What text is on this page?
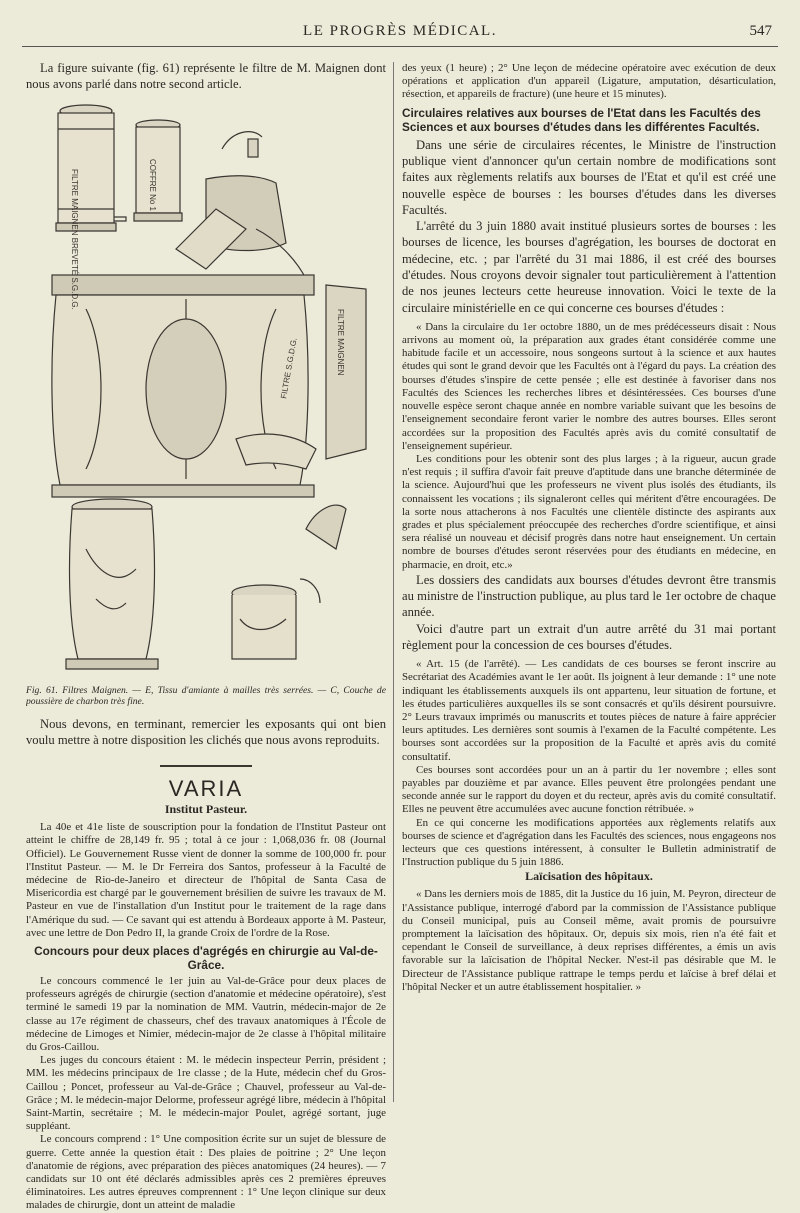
LE PROGRÈS MÉDICAL.	547

La figure suivante (fig. 61) représente le filtre de M. Maignen dont nous avons parlé dans notre second article.

FILTRE MAIGNEN BREVETÉ S.G.D.G.	COFFRE No 1
FILTRE MAIGNEN
FILTRE S.G.D.G.

Fig. 61. Filtres Maignen. — E, Tissu d'amiante à mailles très serrées. — C, Couche de poussière de charbon très fine.

Nous devons, en terminant, remercier les exposants qui ont bien voulu mettre à notre disposition les clichés que nous avons reproduits.

VARIA
Institut Pasteur.

La 40e et 41e liste de souscription pour la fondation de l'Institut Pasteur ont atteint le chiffre de 28,149 fr. 95 ; total à ce jour : 1,068,036 fr. 08 (Journal Officiel). Le Gouvernement Russe vient de donner la somme de 100,000 fr. pour l'Institut Pasteur. — M. le Dr Ferreira dos Santos, professeur à la Faculté de médecine de Rio-de-Janeiro et directeur de l'hôpital de Santa Casa de Misericordia est chargé par le gouvernement brésilien de suivre les travaux de M. Pasteur en vue de l'installation d'un Institut pour le traitement de la rage dans l'Amérique du sud. — Ce savant qui est attendu à Bordeaux apporte à M. Pasteur, avec une lettre de Don Pedro II, la grande Croix de l'ordre de la Rose.

Concours pour deux places d'agrégés en chirurgie au Val-de-Grâce.

Le concours commencé le 1er juin au Val-de-Grâce pour deux places de professeurs agrégés de chirurgie (section d'anatomie et médecine opératoire), s'est terminé le samedi 19 par la nomination de MM. Vautrin, médecin-major de 2e classe au 17e régiment de chasseurs, chef des travaux anatomiques à l'École de médecine de Limoges et Nimier, médecin-major de 2e classe à l'hôpital militaire du Gros-Caillou.

Les juges du concours étaient : M. le médecin inspecteur Perrin, président ; MM. les médecins principaux de 1re classe ; de la Hute, médecin chef du Gros-Caillou ; Poncet, professeur au Val-de-Grâce ; Chauvel, professeur au Val-de-Grâce ; M. le médecin-major Delorme, professeur agrégé libre, médecin à l'hôpital Saint-Martin, secrétaire ; M. le médecin-major Poulet, agrégé sortant, juge suppléant.

Le concours comprend : 1° Une composition écrite sur un sujet de blessure de guerre. Cette année la question était : Des plaies de poitrine ; 2° Une leçon d'anatomie de régions, avec préparation des pièces anatomiques (24 heures). — 7 candidats sur 10 ont été déclarés admissibles après ces 2 premières épreuves éliminatoires. Les autres épreuves comprennent : 1° Une leçon clinique sur deux malades de chirurgie, dont un atteint de maladie

des yeux (1 heure) ; 2° Une leçon de médecine opératoire avec exécution de deux opérations et application d'un appareil (Ligature, amputation, désarticulation, résection, et appareils de fracture) (une heure et 15 minutes).

Circulaires relatives aux bourses de l'Etat dans les Facultés des Sciences et aux bourses d'études dans les différentes Facultés.

Dans une série de circulaires récentes, le Ministre de l'instruction publique vient d'annoncer qu'un certain nombre de modifications sont faites aux règlements relatifs aux bourses de l'Etat et qu'il est créé une nouvelle espèce de bourses : les bourses d'études dans les diverses Facultés.

L'arrêté du 3 juin 1880 avait institué plusieurs sortes de bourses : les bourses de licence, les bourses d'agrégation, les bourses de doctorat en médecine, etc. ; par l'arrêté du 31 mai 1886, il est créé des bourses d'études. Nous croyons devoir signaler tout particulièrement à l'attention de nos jeunes lecteurs cette heureuse innovation. Voici le texte de la circulaire ministérielle en ce qui concerne ces bourses d'études :

« Dans la circulaire du 1er octobre 1880, un de mes prédécesseurs disait : Nous arrivons au moment où, la préparation aux grades étant considérée comme une habitude facile et un accessoire, nous songeons surtout à la science et aux hautes études qui sont le grand devoir que les Facultés ont à l'égard du pays. La création des bourses d'études s'inspire de cette pensée ; elle est destinée à favoriser dans nos Facultés des Sciences les recherches libres et désintéressées. Ces bourses d'une nouvelle espèce seront chaque année en nombre variable suivant que les besoins de l'enseignement secondaire feront varier le nombre des autres bourses. Elles seront accordées sur la proposition des Facultés après avis du comité consultatif de l'enseignement supérieur.

Les conditions pour les obtenir sont des plus larges ; à la rigueur, aucun grade n'est requis ; il suffira d'avoir fait preuve d'aptitude dans une branche déterminée de la science. Aujourd'hui que les professeurs ne vivent plus isolés des étudiants, ils connaissent les vocations ; ils signaleront celles qui méritent d'être encouragées. De la sorte nous attacherons à nos Facultés une clientèle distincte des aspirants aux grades et plus spécialement préoccupée des recherches d'ordre scientifique, et ainsi sera réalisé un nouveau et décisif progrès dans notre haut enseignement. Un certain nombre de bourses d'études seront réservées pour des étudiants en médecine, en pharmacie, en droit, etc.»

Les dossiers des candidats aux bourses d'études devront être transmis au ministre de l'instruction publique, au plus tard le 1er octobre de chaque année.

Voici d'autre part un extrait d'un autre arrêté du 31 mai portant règlement pour la concession de ces bourses d'études.

« Art. 15 (de l'arrêté). — Les candidats de ces bourses se feront inscrire au Secrétariat des Académies avant le 1er août. Ils joignent à leur demande : 1° une note indiquant les établissements auxquels ils ont appartenu, leur situation de fortune, et les études particulières auxquelles ils se sont consacrés et qu'ils désirent poursuivre. 2° Leurs travaux imprimés ou manuscrits et toutes pièces de nature à faire apprécier leurs aptitudes. Les dernières sont soumis à l'examen de la Faculté compétente. Les bourses sont accordées sur la proposition de la Faculté et après avis du comité consultatif.

Ces bourses sont accordées pour un an à partir du 1er novembre ; elles sont payables par douzième et par avance. Elles peuvent être prolongées pendant une seconde année sur le rapport du doyen et du recteur, après avis du comité consultatif. Elles ne peuvent être accumulées avec aucune fonction rétribuée. »

En ce qui concerne les modifications apportées aux règlements relatifs aux bourses de science et d'agrégation dans les Facultés des sciences, nous engageons nos lecteurs que ces questions intéressent, à consulter le Bulletin administratif de l'Instruction publique du 5 juin 1886.

Laïcisation des hôpitaux.

« Dans les derniers mois de 1885, dit la Justice du 16 juin, M. Peyron, directeur de l'Assistance publique, interrogé d'abord par la commission de l'Assistance publique du Conseil municipal, puis au Conseil même, avait promis de poursuivre promptement la laïcisation des hôpitaux. Or, depuis six mois, rien n'a été fait et cependant le Conseil de surveillance, à deux reprises différentes, a émis un avis favorable sur la laïcisation de l'hôpital Necker. N'est-il pas désirable que M. le Directeur de l'Assistance publique rattrape le temps perdu et laïcise à bref délai et l'hôpital Necker et un autre établissement hospitalier. »
